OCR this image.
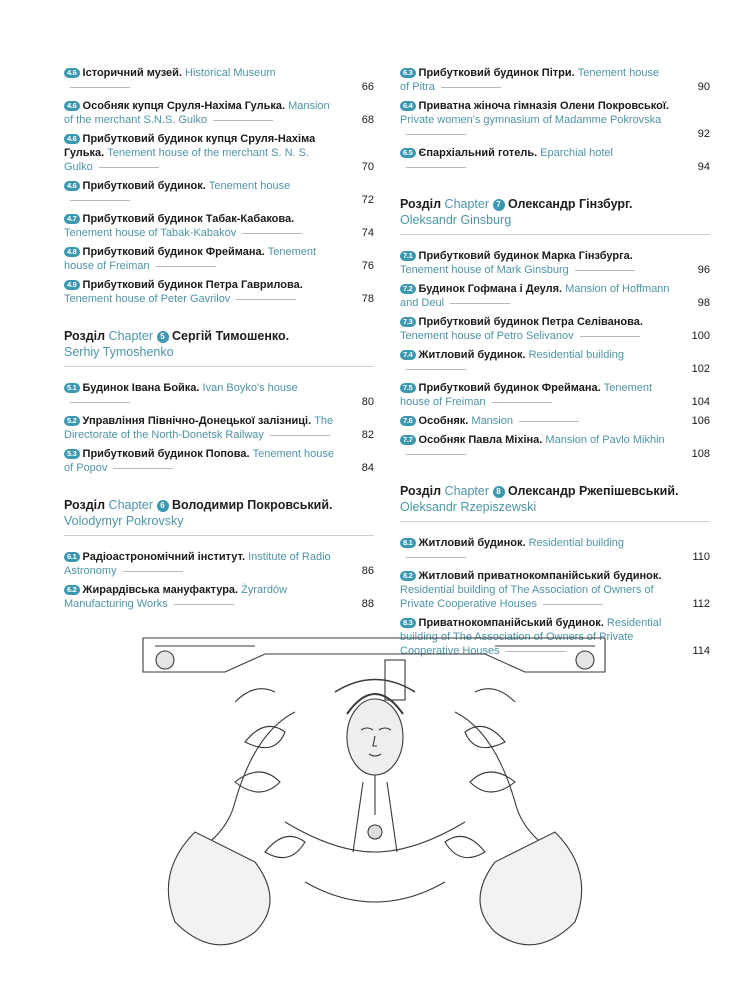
4.6 Історичний музей. Historical Museum
66
4.6 Особняк купця Сруля-Нахіма Гулька. Mansion of the merchant S.N.S. Gulko	68
4.6 Прибутковий будинок купця Сруля-Нахіма Гулька. Tenement house of the merchant S. N. S. Gulko	70
4.6 Прибутковий будинок. Tenement house
72
4.7 Прибутковий будинок Табак-Кабакова. Tenement house of Tabak-Kabakov	74
4.8 Прибутковий будинок Фреймана. Tenement house of Freiman	76
4.9 Прибутковий будинок Петра Гаврилова. Tenement house of Peter Gavrilov	78
Розділ Chapter 5 Сергій Тимошенко.
Serhiy Tymoshenko
5.1 Будинок Івана Бойка. Ivan Boyko's house
80
5.2 Управління Північно-Донецької залізниці. The Directorate of the North-Donetsk Railway	82
5.3 Прибутковий будинок Попова. Tenement house of Popov	84
Розділ Chapter 6 Володимир Покровський.
Volodymyr Pokrovsky
6.1 Радіоастрономічний інститут. Institute of Radio Astronomy	86
6.2 Жирардівська мануфактура. Żyrardów Manufacturing Works	88
6.3 Прибутковий будинок Пітри. Tenement house of Pitra	90
6.4 Приватна жіноча гімназія Олени Покровської. Private women's gymnasium of Madamme Pokrovska
92
6.5 Єпархіальний готель. Eparchial hotel
94
Розділ Chapter 7 Олександр Гінзбург.
Oleksandr Ginsburg
7.1 Прибутковий будинок Марка Гінзбурга. Tenement house of Mark Ginsburg	96
7.2 Будинок Гофмана і Деуля. Mansion of Hoffmann and Deul	98
7.3 Прибутковий будинок Петра Селіванова. Tenement house of Petro Selivanov	100
7.4 Житловий будинок. Residential building
102
7.5 Прибутковий будинок Фреймана. Tenement house of Freiman	104
7.6 Особняк. Mansion	106
7.7 Особняк Павла Міхіна. Mansion of Pavlo Mikhin
108
Розділ Chapter 8 Олександр Ржепішевський.
Oleksandr Rzepiszewski
8.1 Житловий будинок. Residential building
110
8.2 Житловий приватнокомпанійський будинок. Residential building of The Association of Owners of Private Cooperative Houses	112
8.3 Приватнокомпанійський будинок. Residential building of The Association of Owners of Private Cooperative Houses	114
